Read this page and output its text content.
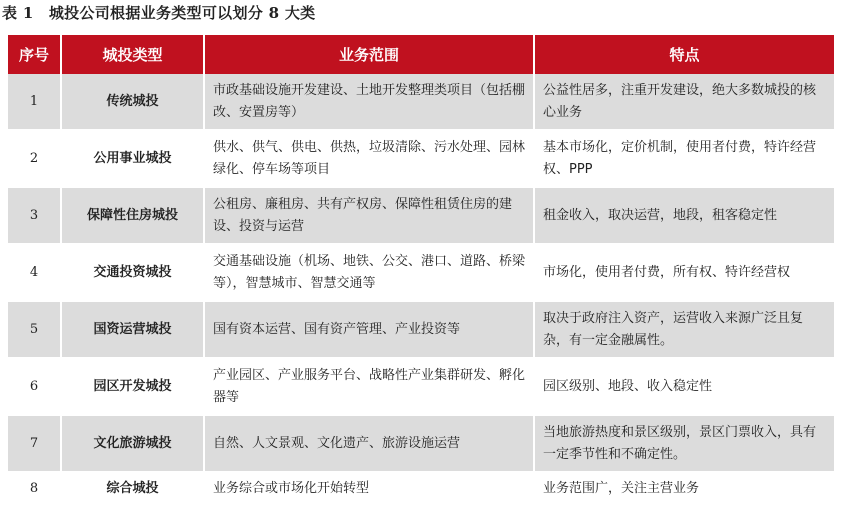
表 1　城投公司根据业务类型可以划分 8 大类
序号	城投类型	业务范围	特点
1	传统城投	市政基础设施开发建设、土地开发整理类项目（包括棚改、安置房等）	公益性居多，注重开发建设，绝大多数城投的核心业务
2	公用事业城投	供水、供气、供电、供热，垃圾清除、污水处理、园林绿化、停车场等项目	基本市场化，定价机制，使用者付费，特许经营权、PPP
3	保障性住房城投	公租房、廉租房、共有产权房、保障性租赁住房的建设、投资与运营	租金收入，取决运营，地段，租客稳定性
4	交通投资城投	交通基础设施（机场、地铁、公交、港口、道路、桥梁等），智慧城市、智慧交通等	市场化，使用者付费，所有权、特许经营权
5	国资运营城投	国有资本运营、国有资产管理、产业投资等	取决于政府注入资产，运营收入来源广泛且复杂，有一定金融属性。
6	园区开发城投	产业园区、产业服务平台、战略性产业集群研发、孵化器等	园区级别、地段、收入稳定性
7	文化旅游城投	自然、人文景观、文化遗产、旅游设施运营	当地旅游热度和景区级别，景区门票收入，具有一定季节性和不确定性。
8	综合城投	业务综合或市场化开始转型	业务范围广，关注主营业务
